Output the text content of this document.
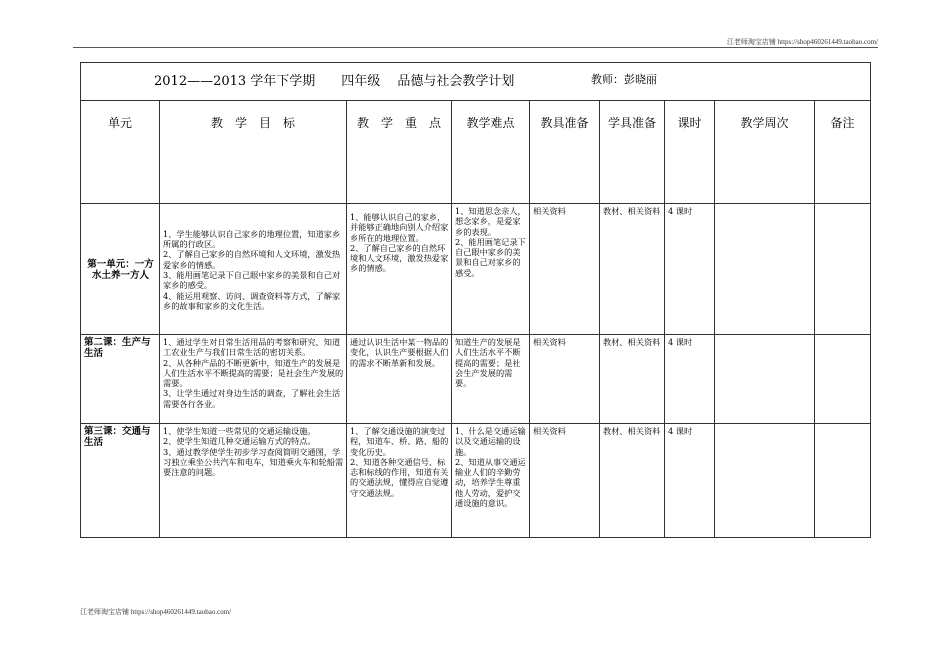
江老师淘宝店铺 https://shop460261449.taobao.com/
2012——2013 学年下学期　　四年级　 品德与社会教学计划 教师：彭晓丽								

单元	教　学　目　标	教　学　重　点	教学难点	教具准备	学具准备	课时	教学周次	备注

第一单元：一方水土养一方人	1、学生能够认识自己家乡的地理位置，知道家乡所属的行政区。
2、了解自己家乡的自然环境和人文环境，激发热爱家乡的情感。
3、能用画笔记录下自己眼中家乡的美景和自己对家乡的感受。
4、能运用观察、访问、调查资料等方式，了解家乡的故事和家乡的文化生活。	1、能够认识自己的家乡，并能够正确地向别人介绍家乡所在的地理位置。
2、了解自己家乡的自然环境和人文环境，激发热爱家乡的情感。	1、知道思念亲人，想念家乡，是爱家乡的表现。
2、能用画笔记录下自己眼中家乡的美景和自己对家乡的感受。	相关资料	教材、相关资料	4 课时		

第二课：生产与生活	1、通过学生对日常生活用品的考察和研究，知道工农业生产与我们日常生活的密切关系。
2、从各种产品的不断更新中，知道生产的发展是人们生活水平不断提高的需要；是社会生产发展的需要。
3、让学生通过对身边生活的调查，了解社会生活需要各行各业。	通过认识生活中某一物品的变化，认识生产要根据人们的需求不断革新和发展。	知道生产的发展是人们生活水平不断提高的需要；是社会生产发展的需要。	相关资料	教材、相关资料	4 课时		

第三课：交通与生活	1、使学生知道一些常见的交通运输设施。
2、使学生知道几种交通运输方式的特点。
3、通过教学使学生初步学习查阅简明交通图，学习独立乘坐公共汽车和电车，知道乘火车和轮船需要注意的问题。	1、了解交通设施的演变过程，知道车、桥、路、船的变化历史。
2、知道各种交通信号、标志和标线的作用，知道有关的交通法规，懂得应自觉遵守交通法规。	1、什么是交通运输以及交通运输的设施。
2、知道从事交通运输业人们的辛勤劳动，培养学生尊重他人劳动，爱护交通设施的意识。	相关资料	教材、相关资料	4 课时		

江老师淘宝店铺 https://shop460261449.taobao.com/
